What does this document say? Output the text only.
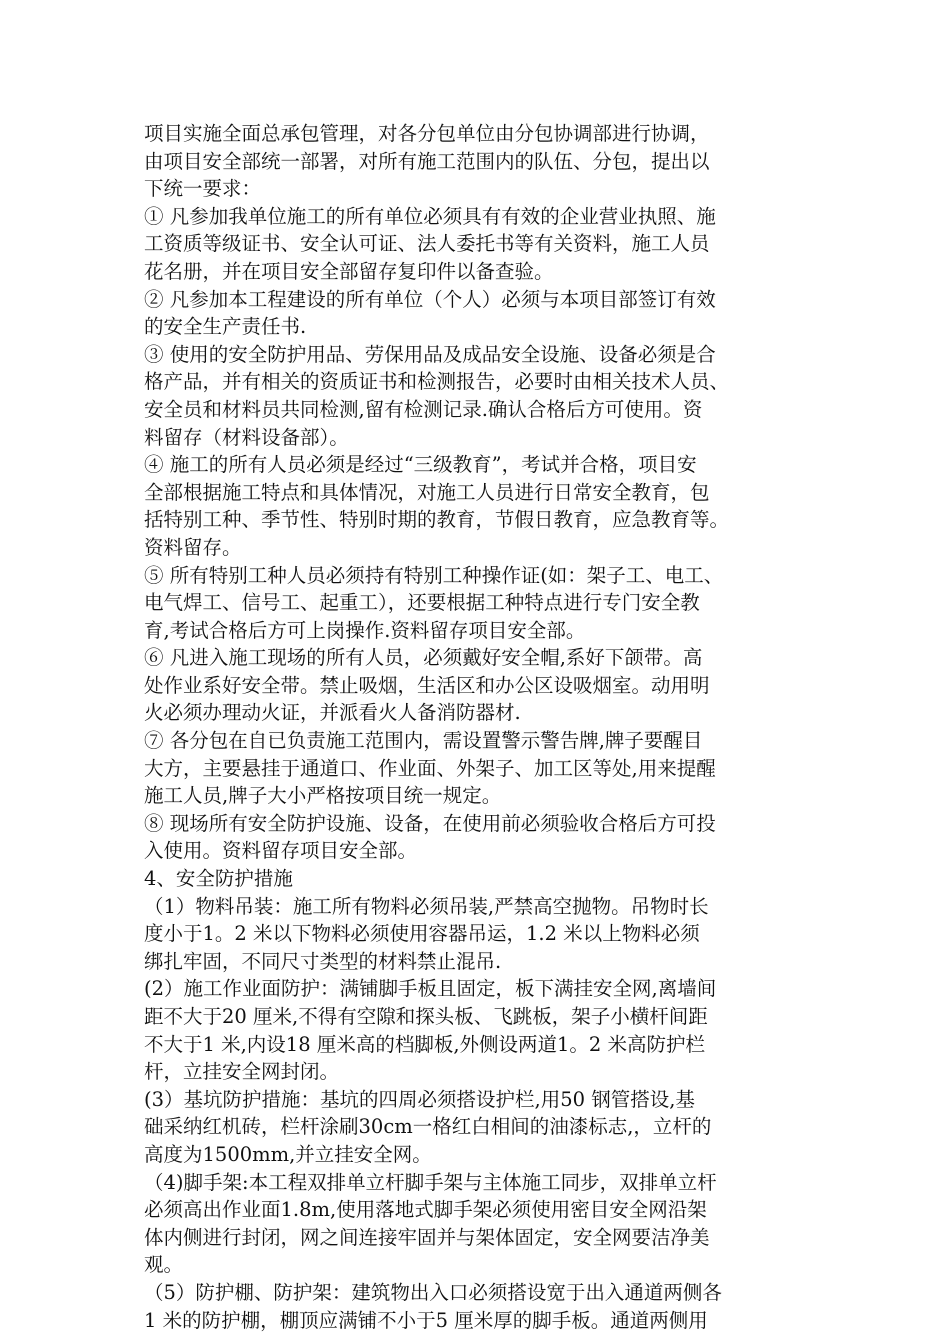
项目实施全面总承包管理，对各分包单位由分包协调部进行协调，
由项目安全部统一部署，对所有施工范围内的队伍、分包，提出以
下统一要求：
① 凡参加我单位施工的所有单位必须具有有效的企业营业执照、施
工资质等级证书、安全认可证、法人委托书等有关资料，施工人员
花名册，并在项目安全部留存复印件以备查验。
② 凡参加本工程建设的所有单位（个人）必须与本项目部签订有效
的安全生产责任书.
③ 使用的安全防护用品、劳保用品及成品安全设施、设备必须是合
格产品，并有相关的资质证书和检测报告，必要时由相关技术人员、
安全员和材料员共同检测,留有检测记录.确认合格后方可使用。资
料留存（材料设备部）。
④ 施工的所有人员必须是经过“三级教育”，考试并合格，项目安
全部根据施工特点和具体情况，对施工人员进行日常安全教育，包
括特别工种、季节性、特别时期的教育，节假日教育，应急教育等。
资料留存。
⑤ 所有特别工种人员必须持有特别工种操作证(如：架子工、电工、
电气焊工、信号工、起重工），还要根据工种特点进行专门安全教
育,考试合格后方可上岗操作.资料留存项目安全部。
⑥ 凡进入施工现场的所有人员，必须戴好安全帽,系好下颌带。高
处作业系好安全带。禁止吸烟，生活区和办公区设吸烟室。动用明
火必须办理动火证，并派看火人备消防器材.
⑦ 各分包在自已负责施工范围内，需设置警示警告牌,牌子要醒目
大方，主要悬挂于通道口、作业面、外架子、加工区等处,用来提醒
施工人员,牌子大小严格按项目统一规定。
⑧ 现场所有安全防护设施、设备，在使用前必须验收合格后方可投
入使用。资料留存项目安全部。
4、安全防护措施
（1）物料吊装：施工所有物料必须吊装,严禁高空抛物。吊物时长
度小于1。2 米以下物料必须使用容器吊运，1.2 米以上物料必须
绑扎牢固，不同尺寸类型的材料禁止混吊.
(2）施工作业面防护：满铺脚手板且固定，板下满挂安全网,离墙间
距不大于20 厘米,不得有空隙和探头板、飞跳板，架子小横杆间距
不大于1 米,内设18 厘米高的档脚板,外侧设两道1。2 米高防护栏
杆，立挂安全网封闭。
(3）基坑防护措施：基坑的四周必须搭设护栏,用50 钢管搭设,基
础采纳红机砖，栏杆涂刷30cm一格红白相间的油漆标志,，立杆的
高度为1500mm,并立挂安全网。
（4)脚手架:本工程双排单立杆脚手架与主体施工同步，双排单立杆
必须高出作业面1.8m,使用落地式脚手架必须使用密目安全网沿架
体内侧进行封闭，网之间连接牢固并与架体固定，安全网要洁净美
观。
（5）防护棚、防护架：建筑物出入口必须搭设宽于出入通道两侧各
1 米的防护棚，棚顶应满铺不小于5 厘米厚的脚手板。通道两侧用
